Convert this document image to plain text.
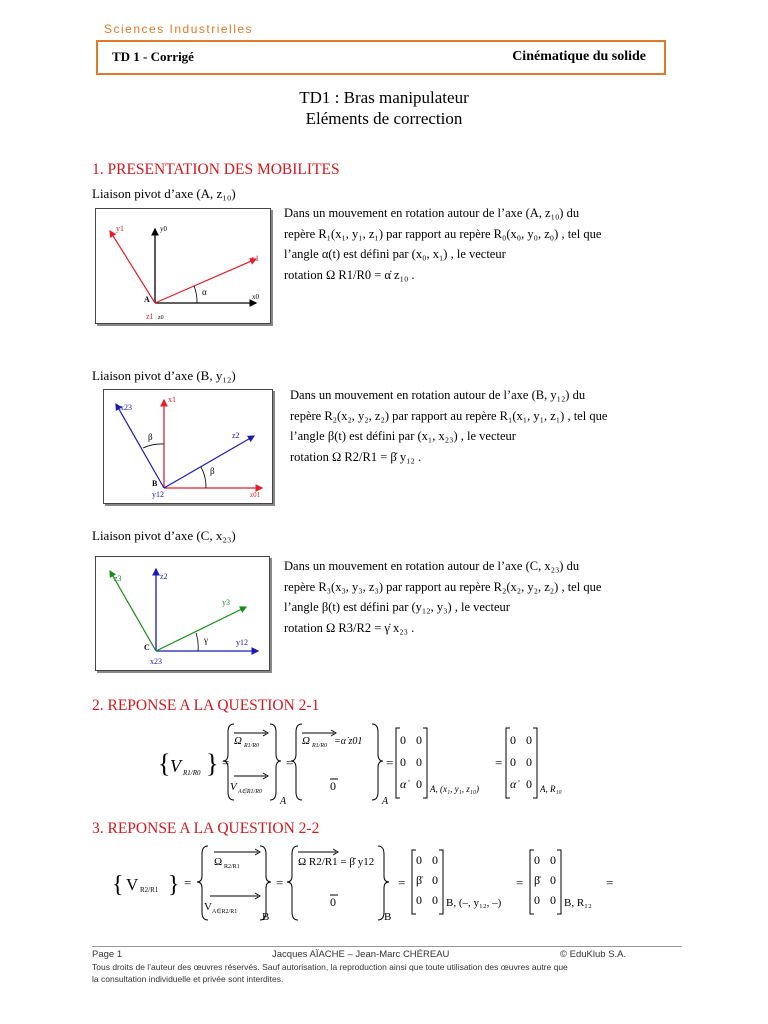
Sciences Industrielles
TD 1 - Corrigé	Cinématique du solide
TD1 : Bras manipulateur
Eléments de correction
1. PRESENTATION DES MOBILITES
Liaison pivot d’axe (A, z₁₀)
y1	y0
x1
x0
A
z1 z0
α
Dans un mouvement en rotation autour de l’axe (A, z₁₀) du
repère R₁(x₁, y₁, z₁) par rapport au repère R₀(x₀, y₀, z₀) , tel que
l’angle α(t) est défini par (x₀, x₁) , le vecteur
rotation Ω R1/R0 = α̇ z₁₀ .
Liaison pivot d’axe (B, y₁₂)
x23
x1
z2
B
y12	z01
β
β
Dans un mouvement en rotation autour de l’axe (B, y₁₂) du
repère R₂(x₂, y₂, z₂) par rapport au repère R₁(x₁, y₁, z₁) , tel que
l’angle β(t) est défini par (x₁, x₂₃) , le vecteur
rotation Ω R2/R1 = β̇ y₁₂ .
Liaison pivot d’axe (C, x₂₃)
z3	z2
y3
y12
C
x23
γ
Dans un mouvement en rotation autour de l’axe (C, x₂₃) du
repère R₃(x₃, y₃, z₃) par rapport au repère R₂(x₂, y₂, z₂) , tel que
l’angle β(t) est défini par (y₁₂, y₃) , le vecteur
rotation Ω R3/R2 = γ̇ x₂₃ .
2. REPONSE A LA QUESTION 2-1
{ V R1/R0 } =
Ω R1/R0
V A∈R1/R0
A
=
Ω R1/R0 =α̇ z01
0
A
=
0 0
0 0
α̇ 0 A, (x₁, y₁, z₁₀)
=
0 0
0 0
α̇ 0 A, R₁₀
3. REPONSE A LA QUESTION 2-2
{ V R2/R1 } =
Ω R2/R1
V A∈R2/R1 B
=
Ω R2/R1 = β̇ y12
0
B
=
0 0
β̇ 0
0 0 B, (–, y₁₂, –)
=
0 0
β̇ 0
0 0 B, R₁₂
=
Page 1	Jacques AÏACHE – Jean-Marc CHÉREAU	© EduKlub S.A.
Tous droits de l’auteur des œuvres réservés. Sauf autorisation, la reproduction ainsi que toute utilisation des œuvres autre que
la consultation individuelle et privée sont interdites.
